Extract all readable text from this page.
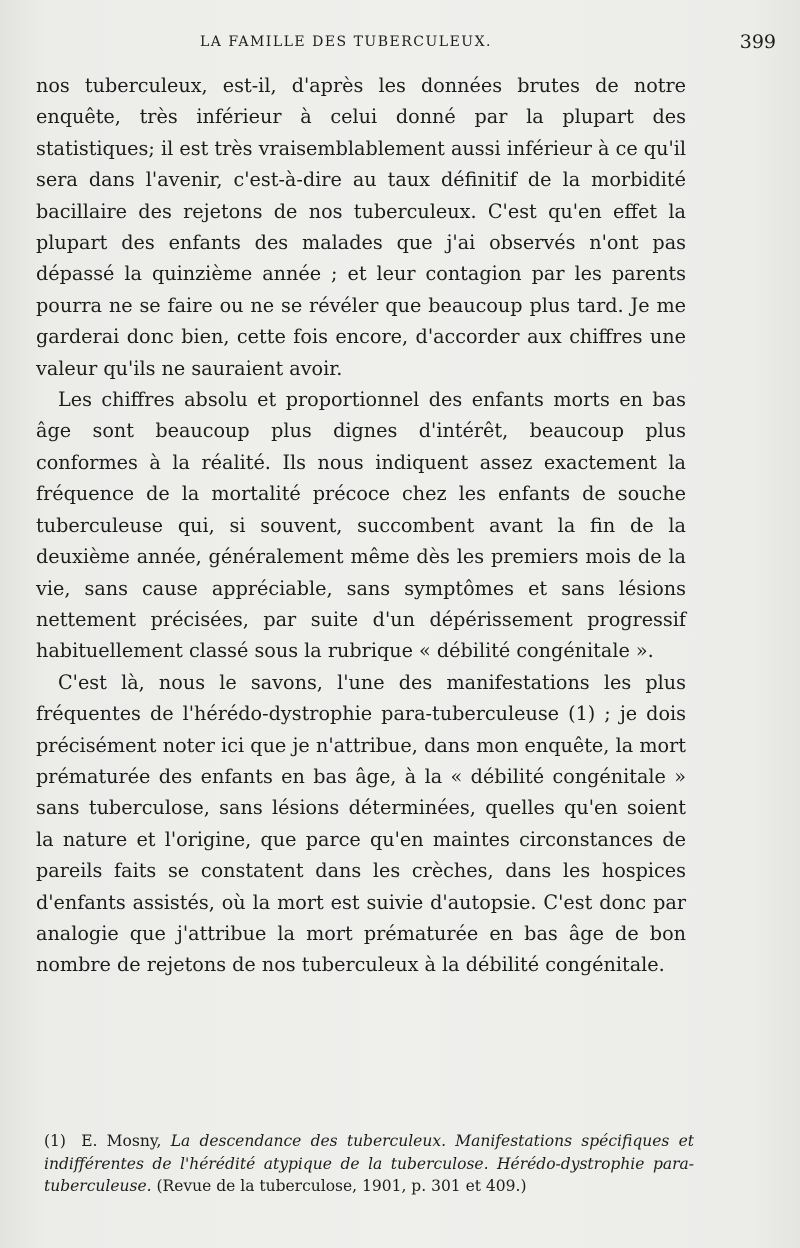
LA FAMILLE DES TUBERCULEUX.	399

nos tuberculeux, est-il, d'après les données brutes de notre enquête, très inférieur à celui donné par la plupart des statistiques; il est très vraisemblablement aussi inférieur à ce qu'il sera dans l'avenir, c'est-à-dire au taux définitif de la morbidité bacillaire des rejetons de nos tuberculeux. C'est qu'en effet la plupart des enfants des malades que j'ai observés n'ont pas dépassé la quinzième année ; et leur contagion par les parents pourra ne se faire ou ne se révéler que beaucoup plus tard. Je me garderai donc bien, cette fois encore, d'accorder aux chiffres une valeur qu'ils ne sauraient avoir.

Les chiffres absolu et proportionnel des enfants morts en bas âge sont beaucoup plus dignes d'intérêt, beaucoup plus conformes à la réalité. Ils nous indiquent assez exactement la fréquence de la mortalité précoce chez les enfants de souche tuberculeuse qui, si souvent, succombent avant la fin de la deuxième année, généralement même dès les premiers mois de la vie, sans cause appréciable, sans symptômes et sans lésions nettement précisées, par suite d'un dépérissement progressif habituellement classé sous la rubrique « débilité congénitale ».

C'est là, nous le savons, l'une des manifestations les plus fréquentes de l'hérédo-dystrophie para-tuberculeuse (1) ; je dois précisément noter ici que je n'attribue, dans mon enquête, la mort prématurée des enfants en bas âge, à la « débilité congénitale » sans tuberculose, sans lésions déterminées, quelles qu'en soient la nature et l'origine, que parce qu'en maintes circonstances de pareils faits se constatent dans les crèches, dans les hospices d'enfants assistés, où la mort est suivie d'autopsie. C'est donc par analogie que j'attribue la mort prématurée en bas âge de bon nombre de rejetons de nos tuberculeux à la débilité congénitale.

(1) E. Mosny, La descendance des tuberculeux. Manifestations spécifiques et indifférentes de l'hérédité atypique de la tuberculose. Hérédo-dystrophie para-tuberculeuse. (Revue de la tuberculose, 1901, p. 301 et 409.)
